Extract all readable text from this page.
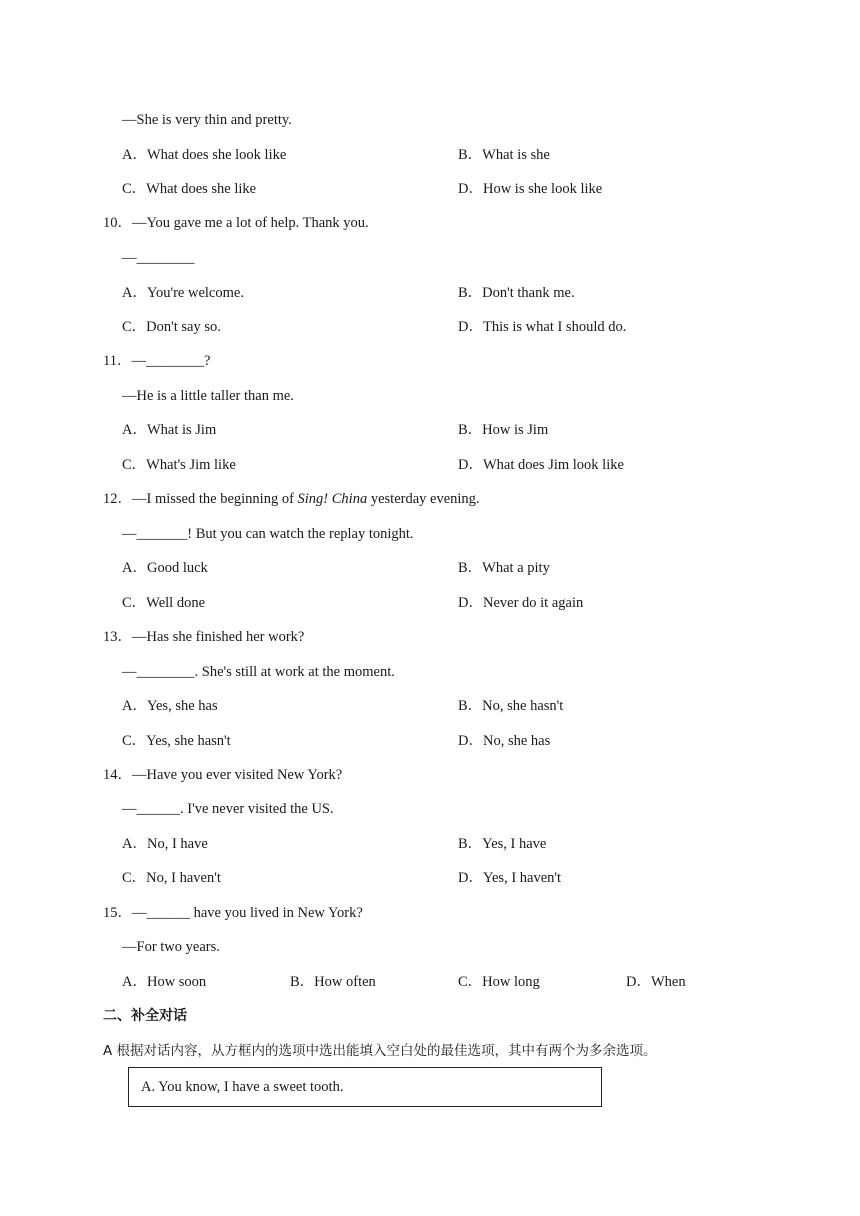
—She is very thin and pretty.
A．What does she look like	B．What is she
C．What does she like	D．How is she look like
10．—You gave me a lot of help. Thank you.
—________
A．You're welcome.	B．Don't thank me.
C．Don't say so.	D．This is what I should do.
11．—________?
—He is a little taller than me.
A．What is Jim	B．How is Jim
C．What's Jim like	D．What does Jim look like
12．—I missed the beginning of Sing! China yesterday evening.
—_______! But you can watch the replay tonight.
A．Good luck	B．What a pity
C．Well done	D．Never do it again
13．—Has she finished her work?
—________. She's still at work at the moment.
A．Yes, she has	B．No, she hasn't
C．Yes, she hasn't	D．No, she has
14．—Have you ever visited New York?
—______. I've never visited the US.
A．No, I have	B．Yes, I have
C．No, I haven't	D．Yes, I haven't
15．—______ have you lived in New York?
—For two years.
A．How soon	B．How often	C．How long	D．When
二、补全对话
A 根据对话内容，从方框内的选项中选出能填入空白处的最佳选项，其中有两个为多余选项。
A. You know, I have a sweet tooth.
